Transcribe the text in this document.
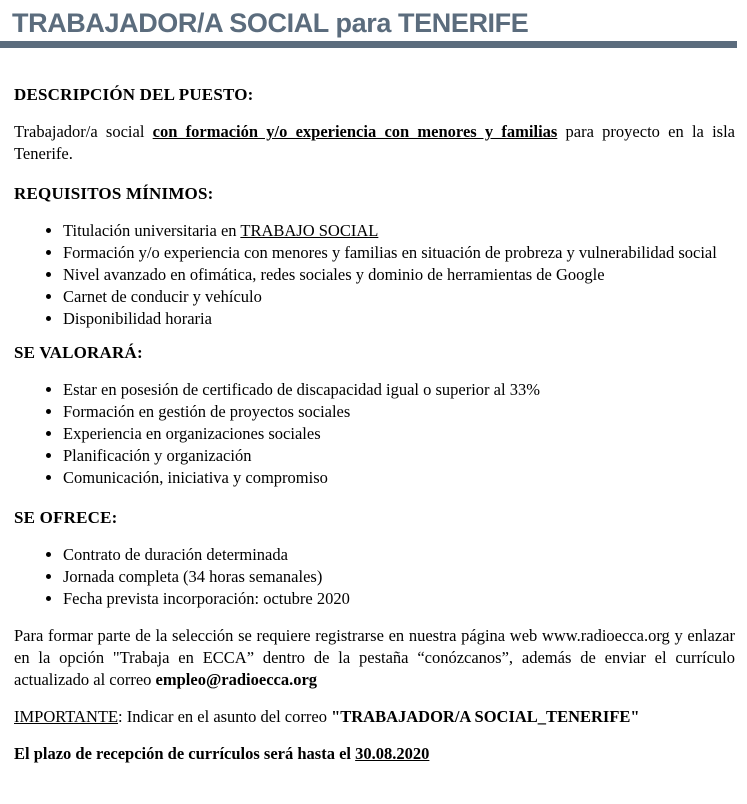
TRABAJADOR/A SOCIAL para TENERIFE
DESCRIPCIÓN DEL PUESTO:

Trabajador/a social con formación y/o experiencia con menores y familias para proyecto en la isla Tenerife.

REQUISITOS MÍNIMOS:
• Titulación universitaria en TRABAJO SOCIAL
• Formación y/o experiencia con menores y familias en situación de probreza y vulnerabilidad social
• Nivel avanzado en ofimática, redes sociales y dominio de herramientas de Google
• Carnet de conducir y vehículo
• Disponibilidad horaria
SE VALORARÁ:
• Estar en posesión de certificado de discapacidad igual o superior al 33%
• Formación en gestión de proyectos sociales
• Experiencia en organizaciones sociales
• Planificación y organización
• Comunicación, iniciativa y compromiso
SE OFRECE:
• Contrato de duración determinada
• Jornada completa (34 horas semanales)
• Fecha prevista incorporación: octubre 2020

Para formar parte de la selección se requiere registrarse en nuestra página web www.radioecca.org y enlazar en la opción "Trabaja en ECCA” dentro de la pestaña “conózcanos”, además de enviar el currículo actualizado al correo empleo@radioecca.org

IMPORTANTE: Indicar en el asunto del correo "TRABAJADOR/A SOCIAL_TENERIFE"

El plazo de recepción de currículos será hasta el 30.08.2020
